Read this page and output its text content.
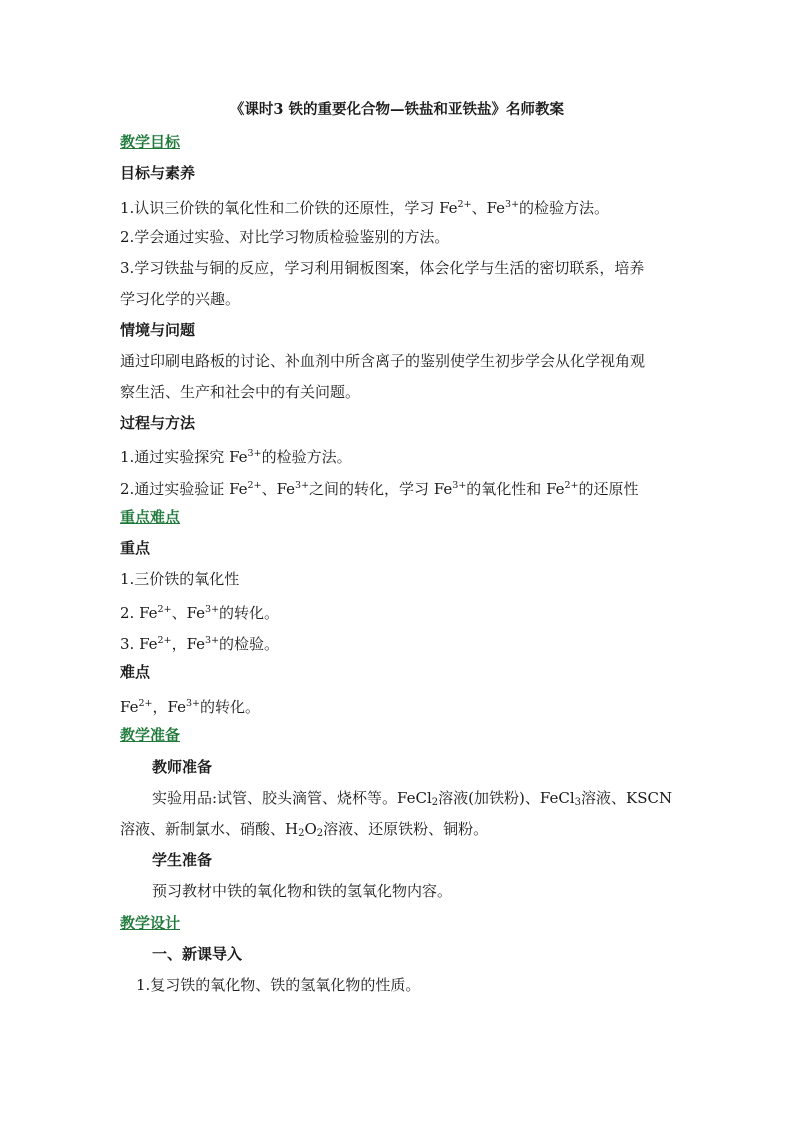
《课时3 铁的重要化合物—铁盐和亚铁盐》名师教案
教学目标
目标与素养
1.认识三价铁的氧化性和二价铁的还原性，学习 $Fe^{2+}$、$Fe^{3+}$的检验方法。
2.学会通过实验、对比学习物质检验鉴别的方法。
3.学习铁盐与铜的反应，学习利用铜板图案，体会化学与生活的密切联系，培养
学习化学的兴趣。
情境与问题
通过印刷电路板的讨论、补血剂中所含离子的鉴别使学生初步学会从化学视角观
察生活、生产和社会中的有关问题。
过程与方法
1.通过实验探究 $Fe^{3+}$的检验方法。
2.通过实验验证 $Fe^{2+}$、$Fe^{3+}$之间的转化，学习 $Fe^{3+}$的氧化性和 $Fe^{2+}$的还原性
重点难点
重点
1.三价铁的氧化性
2. $Fe^{2+}$、$Fe^{3+}$的转化。
3. $Fe^{2+}$，$Fe^{3+}$的检验。
难点
$Fe^{2+}$，$Fe^{3+}$的转化。
教学准备
教师准备
实验用品:试管、胶头滴管、烧杯等。FeCl$_2$溶液(加铁粉)、FeCl$_3$溶液、KSCN
溶液、新制氯水、硝酸、$H_2O_2$溶液、还原铁粉、铜粉。
学生准备
预习教材中铁的氧化物和铁的氢氧化物内容。
教学设计
一、新课导入
1.复习铁的氧化物、铁的氢氧化物的性质。
